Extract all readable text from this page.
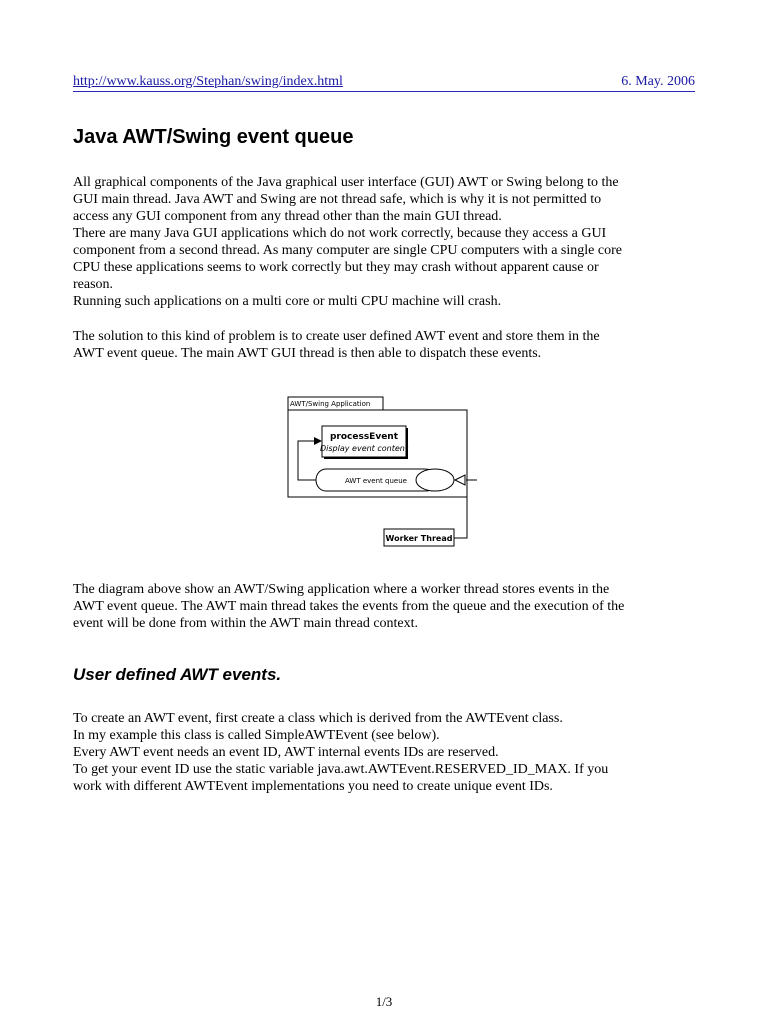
http://www.kauss.org/Stephan/swing/index.html	6. May. 2006
Java AWT/Swing event queue

All graphical components of the Java graphical user interface (GUI) AWT or Swing belong to the
GUI main thread. Java AWT and Swing are not thread safe, which is why it is not permitted to
access any GUI component from any thread other than the main GUI thread.
There are many Java GUI applications which do not work correctly, because they access a GUI
component from a second thread. As many computer are single CPU computers with a single core
CPU these applications seems to work correctly but they may crash without apparent cause or
reason.
Running such applications on a multi core or multi CPU machine will crash.

The solution to this kind of problem is to create user defined AWT event and store them in the
AWT event queue. The main AWT GUI thread is then able to dispatch these events.

AWT/Swing Application
processEvent
Display event content
AWT event queue
Worker Thread

The diagram above show an AWT/Swing application where a worker thread stores events in the
AWT event queue. The AWT main thread takes the events from the queue and the execution of the
event will be done from within the AWT main thread context.

User defined AWT events.

To create an AWT event, first create a class which is derived from the AWTEvent class.
In my example this class is called SimpleAWTEvent (see below).
Every AWT event needs an event ID, AWT internal events IDs are reserved.
To get your event ID use the static variable java.awt.AWTEvent.RESERVED_ID_MAX. If you
work with different AWTEvent implementations you need to create unique event IDs.

1/3
